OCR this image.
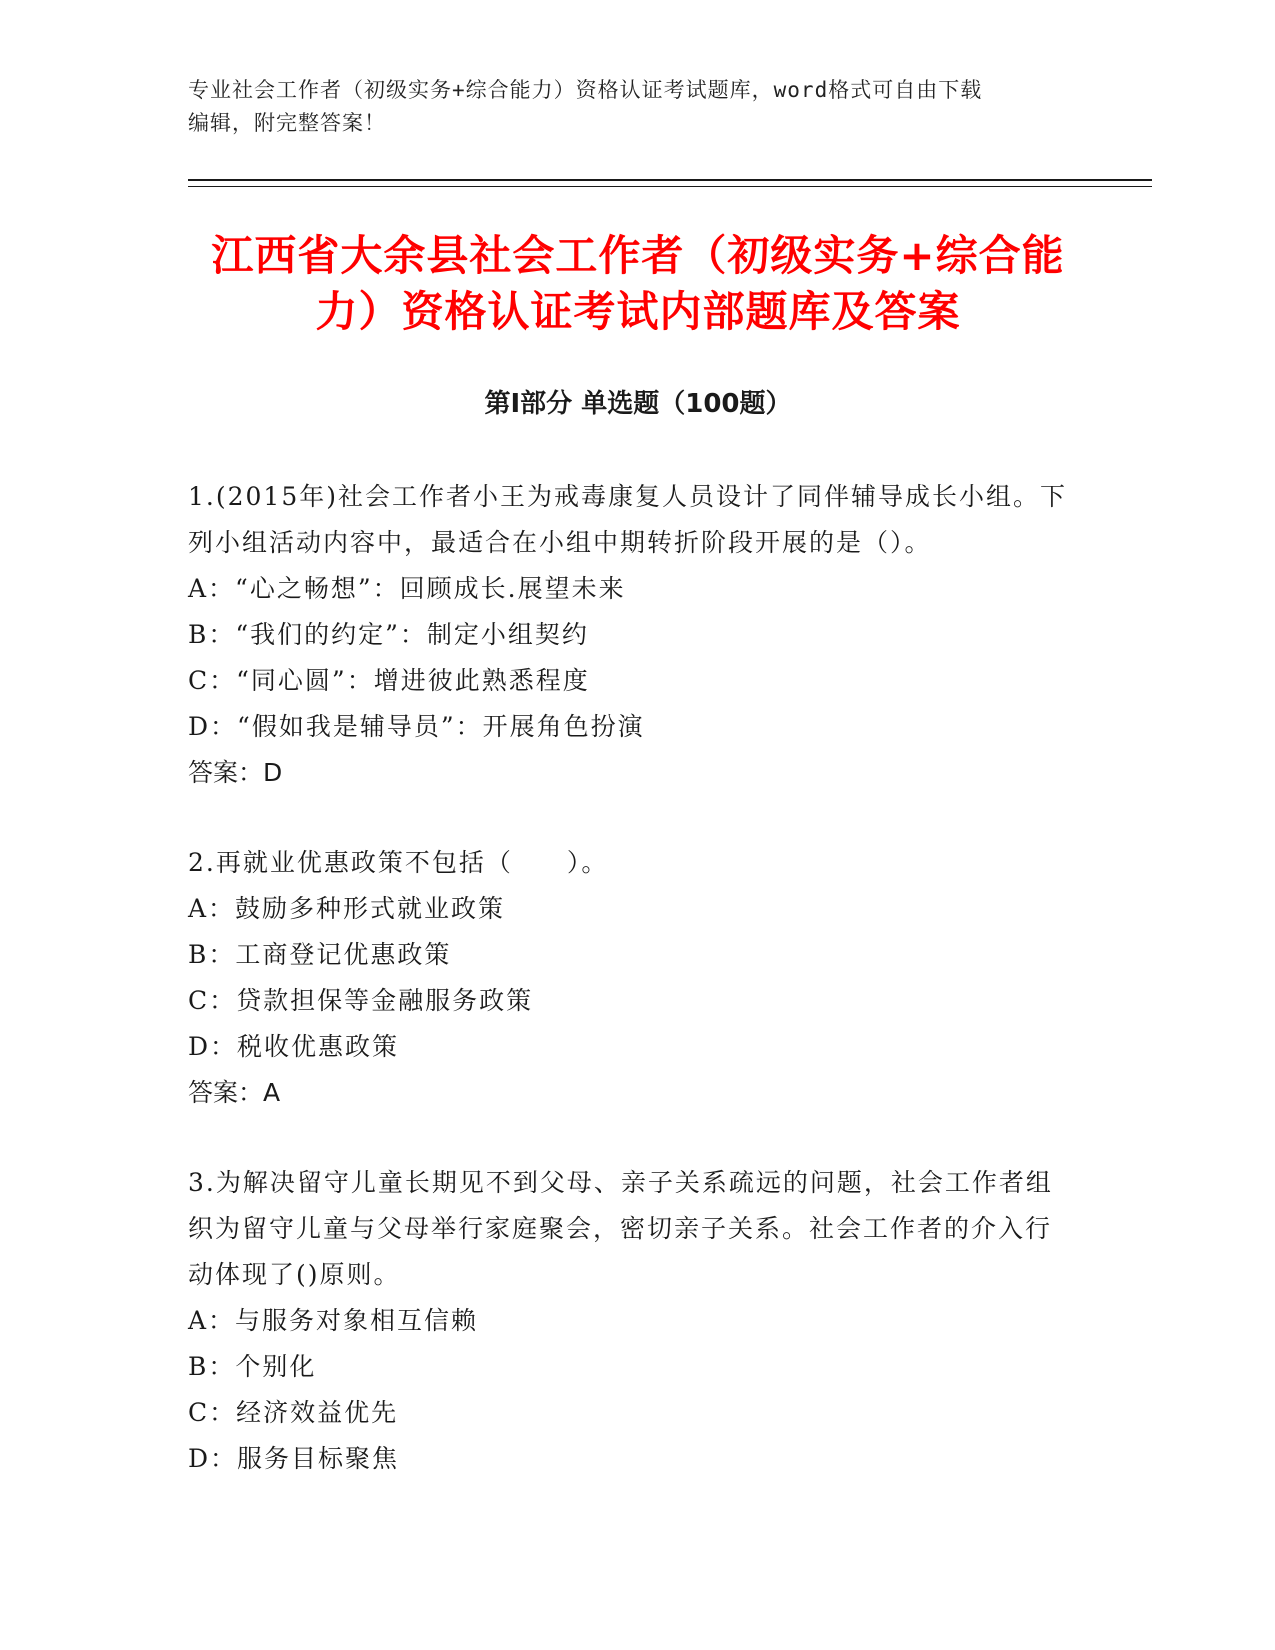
专业社会工作者（初级实务+综合能力）资格认证考试题库，word格式可自由下载
编辑，附完整答案！
江西省大余县社会工作者（初级实务+综合能
力）资格认证考试内部题库及答案
第Ⅰ部分 单选题（100题）

1.(2015年)社会工作者小王为戒毒康复人员设计了同伴辅导成长小组。下列小组活动内容中，最适合在小组中期转折阶段开展的是（）。

A：“心之畅想”：回顾成长.展望未来

B：“我们的约定”：制定小组契约

C：“同心圆”：增进彼此熟悉程度

D：“假如我是辅导员”：开展角色扮演

答案：D

2.再就业优惠政策不包括（　　）。

A：鼓励多种形式就业政策

B：工商登记优惠政策

C：贷款担保等金融服务政策

D：税收优惠政策

答案：A

3.为解决留守儿童长期见不到父母、亲子关系疏远的问题，社会工作者组织为留守儿童与父母举行家庭聚会，密切亲子关系。社会工作者的介入行动体现了()原则。

A：与服务对象相互信赖

B：个别化

C：经济效益优先

D：服务目标聚焦
